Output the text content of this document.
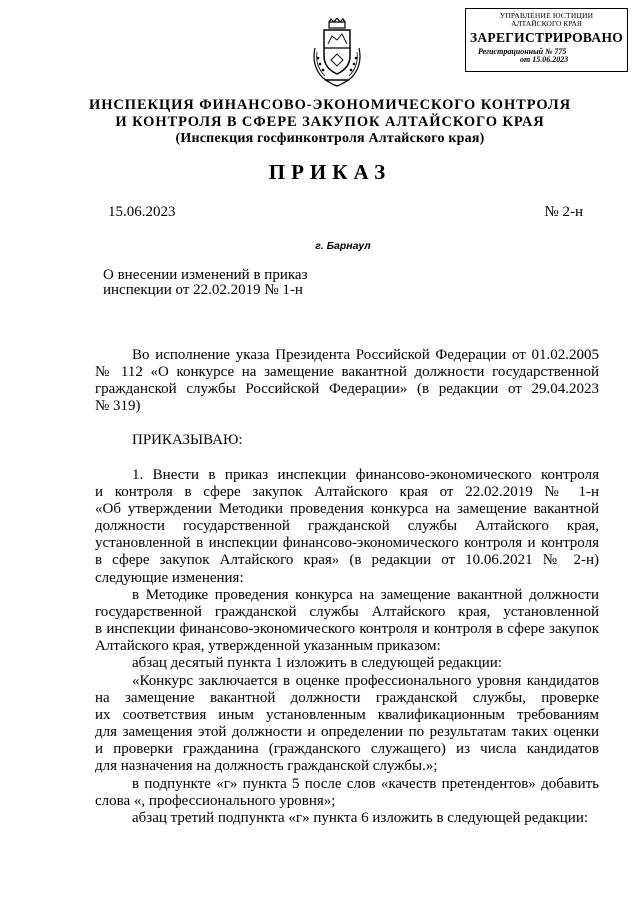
УПРАВЛЕНИЕ ЮСТИЦИИ
АЛТАЙСКОГО КРАЯ
ЗАРЕГИСТРИРОВАНО
Регистрационный № 775
от 15.06.2023
ИНСПЕКЦИЯ ФИНАНСОВО-ЭКОНОМИЧЕСКОГО КОНТРОЛЯ
И КОНТРОЛЯ В СФЕРЕ ЗАКУПОК АЛТАЙСКОГО КРАЯ
(Инспекция госфинконтроля Алтайского края)
ПРИКАЗ
15.06.2023	№ 2-н
г. Барнаул
О внесении изменений в приказ
инспекции от 22.02.2019 № 1-н
Во исполнение указа Президента Российской Федерации от 01.02.2005
№ 112 «О конкурсе на замещение вакантной должности государственной
гражданской службы Российской Федерации» (в редакции от 29.04.2023
№ 319)
ПРИКАЗЫВАЮ:
1. Внести в приказ инспекции финансово-экономического контроля
и контроля в сфере закупок Алтайского края от 22.02.2019 № 1-н
«Об утверждении Методики проведения конкурса на замещение вакантной
должности государственной гражданской службы Алтайского края,
установленной в инспекции финансово-экономического контроля и контроля
в сфере закупок Алтайского края» (в редакции от 10.06.2021 № 2-н)
следующие изменения:
в Методике проведения конкурса на замещение вакантной должности
государственной гражданской службы Алтайского края, установленной
в инспекции финансово-экономического контроля и контроля в сфере закупок
Алтайского края, утвержденной указанным приказом:
абзац десятый пункта 1 изложить в следующей редакции:
«Конкурс заключается в оценке профессионального уровня кандидатов
на замещение вакантной должности гражданской службы, проверке
их соответствия иным установленным квалификационным требованиям
для замещения этой должности и определении по результатам таких оценки
и проверки гражданина (гражданского служащего) из числа кандидатов
для назначения на должность гражданской службы.»;
в подпункте «г» пункта 5 после слов «качеств претендентов» добавить
слова «, профессионального уровня»;
абзац третий подпункта «г» пункта 6 изложить в следующей редакции:
